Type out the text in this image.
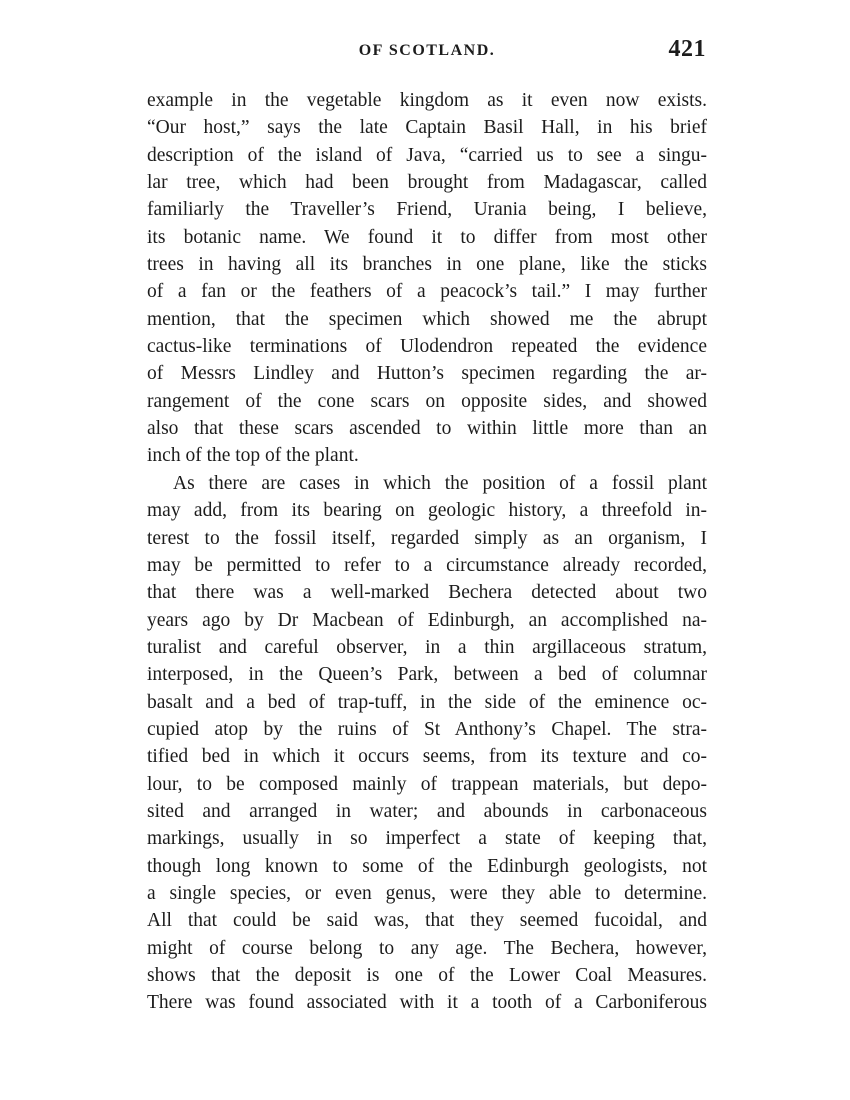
OF SCOTLAND.	421
example in the vegetable kingdom as it even now exists.
“Our host,” says the late Captain Basil Hall, in his brief
description of the island of Java, “carried us to see a singu-
lar tree, which had been brought from Madagascar, called
familiarly the Traveller’s Friend, Urania being, I believe,
its botanic name. We found it to differ from most other
trees in having all its branches in one plane, like the sticks
of a fan or the feathers of a peacock’s tail.” I may further
mention, that the specimen which showed me the abrupt
cactus-like terminations of Ulodendron repeated the evidence
of Messrs Lindley and Hutton’s specimen regarding the ar-
rangement of the cone scars on opposite sides, and showed
also that these scars ascended to within little more than an
inch of the top of the plant.
As there are cases in which the position of a fossil plant
may add, from its bearing on geologic history, a threefold in-
terest to the fossil itself, regarded simply as an organism, I
may be permitted to refer to a circumstance already recorded,
that there was a well-marked Bechera detected about two
years ago by Dr Macbean of Edinburgh, an accomplished na-
turalist and careful observer, in a thin argillaceous stratum,
interposed, in the Queen’s Park, between a bed of columnar
basalt and a bed of trap-tuff, in the side of the eminence oc-
cupied atop by the ruins of St Anthony’s Chapel. The stra-
tified bed in which it occurs seems, from its texture and co-
lour, to be composed mainly of trappean materials, but depo-
sited and arranged in water; and abounds in carbonaceous
markings, usually in so imperfect a state of keeping that,
though long known to some of the Edinburgh geologists, not
a single species, or even genus, were they able to determine.
All that could be said was, that they seemed fucoidal, and
might of course belong to any age. The Bechera, however,
shows that the deposit is one of the Lower Coal Measures.
There was found associated with it a tooth of a Carboniferous
